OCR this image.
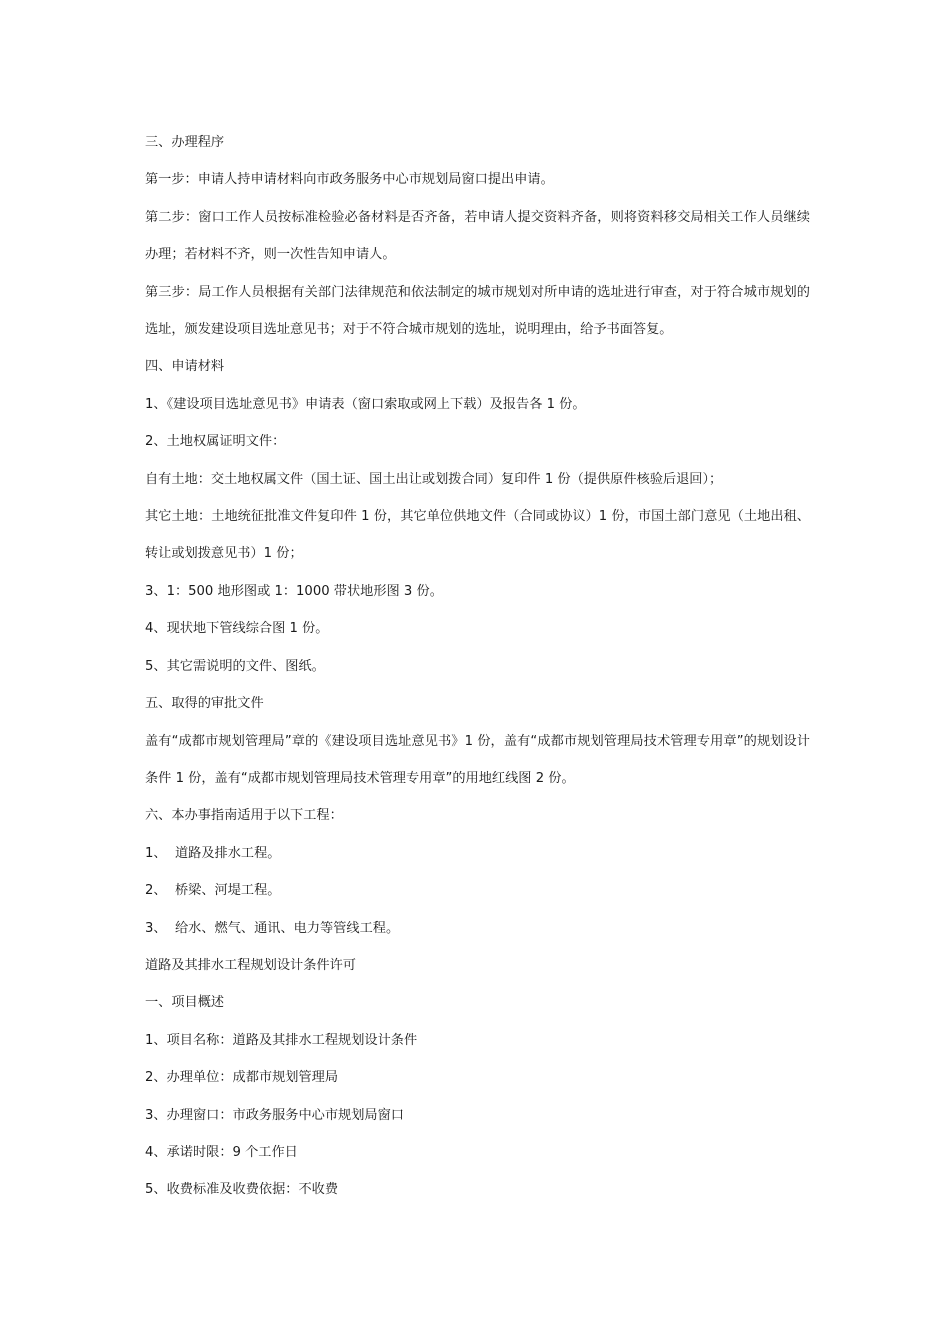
三、办理程序

第一步：申请人持申请材料向市政务服务中心市规划局窗口提出申请。

第二步：窗口工作人员按标准检验必备材料是否齐备，若申请人提交资料齐备，则将资料移交局相关工作人员继续办理；若材料不齐，则一次性告知申请人。

第三步：局工作人员根据有关部门法律规范和依法制定的城市规划对所申请的选址进行审查，对于符合城市规划的选址，颁发建设项目选址意见书；对于不符合城市规划的选址，说明理由，给予书面答复。

四、申请材料

1、《建设项目选址意见书》申请表（窗口索取或网上下载）及报告各 1 份。

2、土地权属证明文件：

自有土地：交土地权属文件（国土证、国土出让或划拨合同）复印件 1 份（提供原件核验后退回）；

其它土地：土地统征批准文件复印件 1 份，其它单位供地文件（合同或协议）1 份，市国土部门意见（土地出租、转让或划拨意见书）1 份；

3、1：500 地形图或 1：1000 带状地形图 3 份。

4、现状地下管线综合图 1 份。

5、其它需说明的文件、图纸。

五、取得的审批文件

盖有“成都市规划管理局”章的《建设项目选址意见书》1 份，盖有“成都市规划管理局技术管理专用章”的规划设计条件 1 份，盖有“成都市规划管理局技术管理专用章”的用地红线图 2 份。

六、本办事指南适用于以下工程：

1、  道路及排水工程。

2、  桥梁、河堤工程。

3、  给水、燃气、通讯、电力等管线工程。

道路及其排水工程规划设计条件许可

一、项目概述

1、项目名称：道路及其排水工程规划设计条件

2、办理单位：成都市规划管理局

3、办理窗口：市政务服务中心市规划局窗口

4、承诺时限：9 个工作日

5、收费标准及收费依据：不收费
